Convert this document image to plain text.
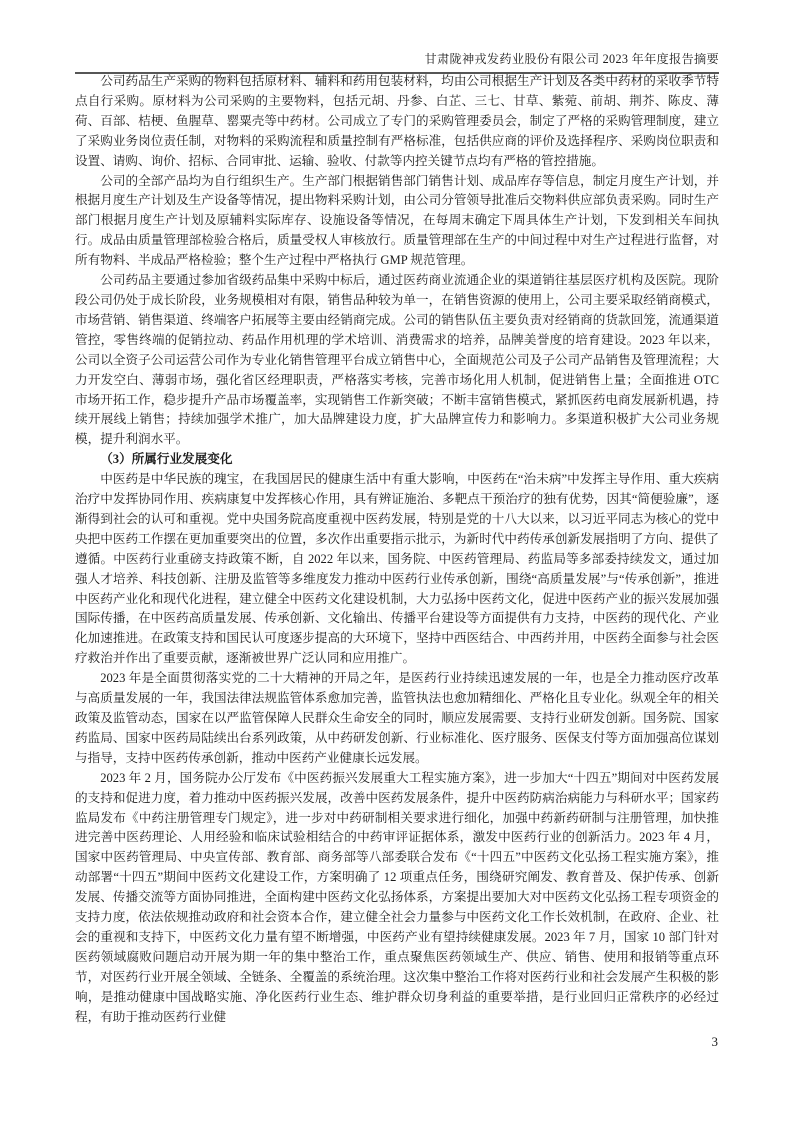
甘肃陇神戎发药业股份有限公司 2023 年年度报告摘要

公司药品生产采购的物料包括原材料、辅料和药用包装材料，均由公司根据生产计划及各类中药材的采收季节特点自行采购。原材料为公司采购的主要物料，包括元胡、丹参、白芷、三七、甘草、紫菀、前胡、荆芥、陈皮、薄荷、百部、桔梗、鱼腥草、罂粟壳等中药材。公司成立了专门的采购管理委员会，制定了严格的采购管理制度，建立了采购业务岗位责任制，对物料的采购流程和质量控制有严格标准，包括供应商的评价及选择程序、采购岗位职责和设置、请购、询价、招标、合同审批、运输、验收、付款等内控关键节点均有严格的管控措施。

公司的全部产品均为自行组织生产。生产部门根据销售部门销售计划、成品库存等信息，制定月度生产计划，并根据月度生产计划及生产设备等情况，提出物料采购计划，由公司分管领导批准后交物料供应部负责采购。同时生产部门根据月度生产计划及原辅料实际库存、设施设备等情况，在每周末确定下周具体生产计划，下发到相关车间执行。成品由质量管理部检验合格后，质量受权人审核放行。质量管理部在生产的中间过程中对生产过程进行监督，对所有物料、半成品严格检验；整个生产过程中严格执行 GMP 规范管理。

公司药品主要通过参加省级药品集中采购中标后，通过医药商业流通企业的渠道销往基层医疗机构及医院。现阶段公司仍处于成长阶段，业务规模相对有限，销售品种较为单一，在销售资源的使用上，公司主要采取经销商模式，市场营销、销售渠道、终端客户拓展等主要由经销商完成。公司的销售队伍主要负责对经销商的货款回笼，流通渠道管控，零售终端的促销拉动、药品作用机理的学术培训、消费需求的培养，品牌美誉度的培育建设。2023 年以来，公司以全资子公司运营公司作为专业化销售管理平台成立销售中心，全面规范公司及子公司产品销售及管理流程；大力开发空白、薄弱市场，强化省区经理职责，严格落实考核，完善市场化用人机制，促进销售上量；全面推进 OTC 市场开拓工作，稳步提升产品市场覆盖率，实现销售工作新突破；不断丰富销售模式，紧抓医药电商发展新机遇，持续开展线上销售；持续加强学术推广，加大品牌建设力度，扩大品牌宣传力和影响力。多渠道积极扩大公司业务规模，提升利润水平。

（3）所属行业发展变化

中医药是中华民族的瑰宝，在我国居民的健康生活中有重大影响，中医药在“治未病”中发挥主导作用、重大疾病治疗中发挥协同作用、疾病康复中发挥核心作用，具有辨证施治、多靶点干预治疗的独有优势，因其“简便验廉”，逐渐得到社会的认可和重视。党中央国务院高度重视中医药发展，特别是党的十八大以来，以习近平同志为核心的党中央把中医药工作摆在更加重要突出的位置，多次作出重要指示批示，为新时代中药传承创新发展指明了方向、提供了遵循。中医药行业重磅支持政策不断，自 2022 年以来，国务院、中医药管理局、药监局等多部委持续发文，通过加强人才培养、科技创新、注册及监管等多维度发力推动中医药行业传承创新，围绕“高质量发展”与“传承创新”，推进中医药产业化和现代化进程，建立健全中医药文化建设机制，大力弘扬中医药文化，促进中医药产业的振兴发展加强国际传播，在中医药高质量发展、传承创新、文化输出、传播平台建设等方面提供有力支持，中医药的现代化、产业化加速推进。在政策支持和国民认可度逐步提高的大环境下，坚持中西医结合、中西药并用，中医药全面参与社会医疗救治并作出了重要贡献，逐渐被世界广泛认同和应用推广。

2023 年是全面贯彻落实党的二十大精神的开局之年，是医药行业持续迅速发展的一年，也是全力推动医疗改革与高质量发展的一年，我国法律法规监管体系愈加完善，监管执法也愈加精细化、严格化且专业化。纵观全年的相关政策及监管动态，国家在以严监管保障人民群众生命安全的同时，顺应发展需要、支持行业研发创新。国务院、国家药监局、国家中医药局陆续出台系列政策，从中药研发创新、行业标准化、医疗服务、医保支付等方面加强高位谋划与指导，支持中医药传承创新，推动中医药产业健康长远发展。

2023 年 2 月，国务院办公厅发布《中医药振兴发展重大工程实施方案》，进一步加大“十四五”期间对中医药发展的支持和促进力度，着力推动中医药振兴发展，改善中医药发展条件，提升中医药防病治病能力与科研水平；国家药监局发布《中药注册管理专门规定》，进一步对中药研制相关要求进行细化，加强中药新药研制与注册管理，加快推进完善中医药理论、人用经验和临床试验相结合的中药审评证据体系，激发中医药行业的创新活力。2023 年 4 月，国家中医药管理局、中央宣传部、教育部、商务部等八部委联合发布《“十四五”中医药文化弘扬工程实施方案》，推动部署“十四五”期间中医药文化建设工作，方案明确了 12 项重点任务，围绕研究阐发、教育普及、保护传承、创新发展、传播交流等方面协同推进，全面构建中医药文化弘扬体系，方案提出要加大对中医药文化弘扬工程专项资金的支持力度，依法依规推动政府和社会资本合作，建立健全社会力量参与中医药文化工作长效机制，在政府、企业、社会的重视和支持下，中医药文化力量有望不断增强，中医药产业有望持续健康发展。2023 年 7 月，国家 10 部门针对医药领域腐败问题启动开展为期一年的集中整治工作，重点聚焦医药领域生产、供应、销售、使用和报销等重点环节，对医药行业开展全领域、全链条、全覆盖的系统治理。这次集中整治工作将对医药行业和社会发展产生积极的影响，是推动健康中国战略实施、净化医药行业生态、维护群众切身利益的重要举措，是行业回归正常秩序的必经过程，有助于推动医药行业健

3
